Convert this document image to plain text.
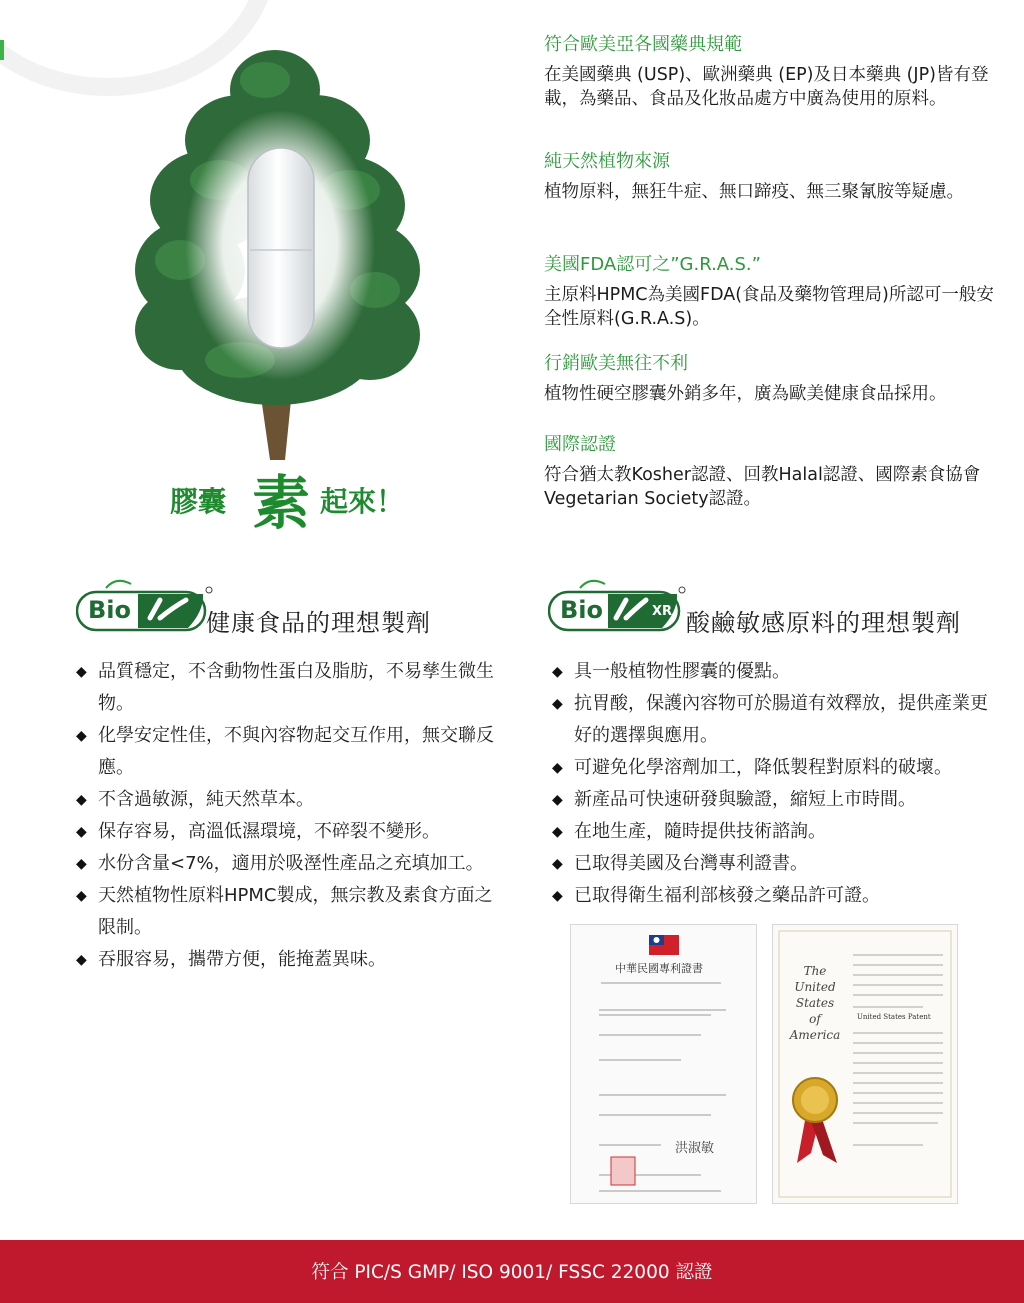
膠囊 素 起來！

符合歐美亞各國藥典規範

在美國藥典 (USP)、歐洲藥典 (EP)及日本藥典 (JP)皆有登載，為藥品、食品及化妝品處方中廣為使用的原料。

純天然植物來源

植物原料，無狂牛症、無口蹄疫、無三聚氰胺等疑慮。

美國FDA認可之”G.R.A.S.”

主原料HPMC為美國FDA(食品及藥物管理局)所認可一般安全性原料(G.R.A.S)。

行銷歐美無往不利

植物性硬空膠囊外銷多年，廣為歐美健康食品採用。

國際認證

符合猶太教Kosher認證、回教Halal認證、國際素食協會Vegetarian Society認證。

Bio	健康食品的理想製劑
◆ 品質穩定，不含動物性蛋白及脂肪，不易孳生微生物。
◆ 化學安定性佳，不與內容物起交互作用，無交聯反應。
◆ 不含過敏源，純天然草本。
◆ 保存容易，高溫低濕環境，不碎裂不變形。
◆ 水份含量<7%，適用於吸溼性產品之充填加工。
◆ 天然植物性原料HPMC製成，無宗教及素食方面之限制。
◆ 吞服容易，攜帶方便，能掩蓋異味。
Bio	XR 酸鹼敏感原料的理想製劑
◆ 具一般植物性膠囊的優點。
◆ 抗胃酸，保護內容物可於腸道有效釋放，提供產業更好的選擇與應用。
◆ 可避免化學溶劑加工，降低製程對原料的破壞。
◆ 新產品可快速研發與驗證，縮短上市時間。
◆ 在地生產，隨時提供技術諮詢。
◆ 已取得美國及台灣專利證書。
◆ 已取得衛生福利部核發之藥品許可證。
中華民國專利證書
洪淑敏
The United States of America
United States Patent
符合 PIC/S GMP/ ISO 9001/ FSSC 22000 認證
